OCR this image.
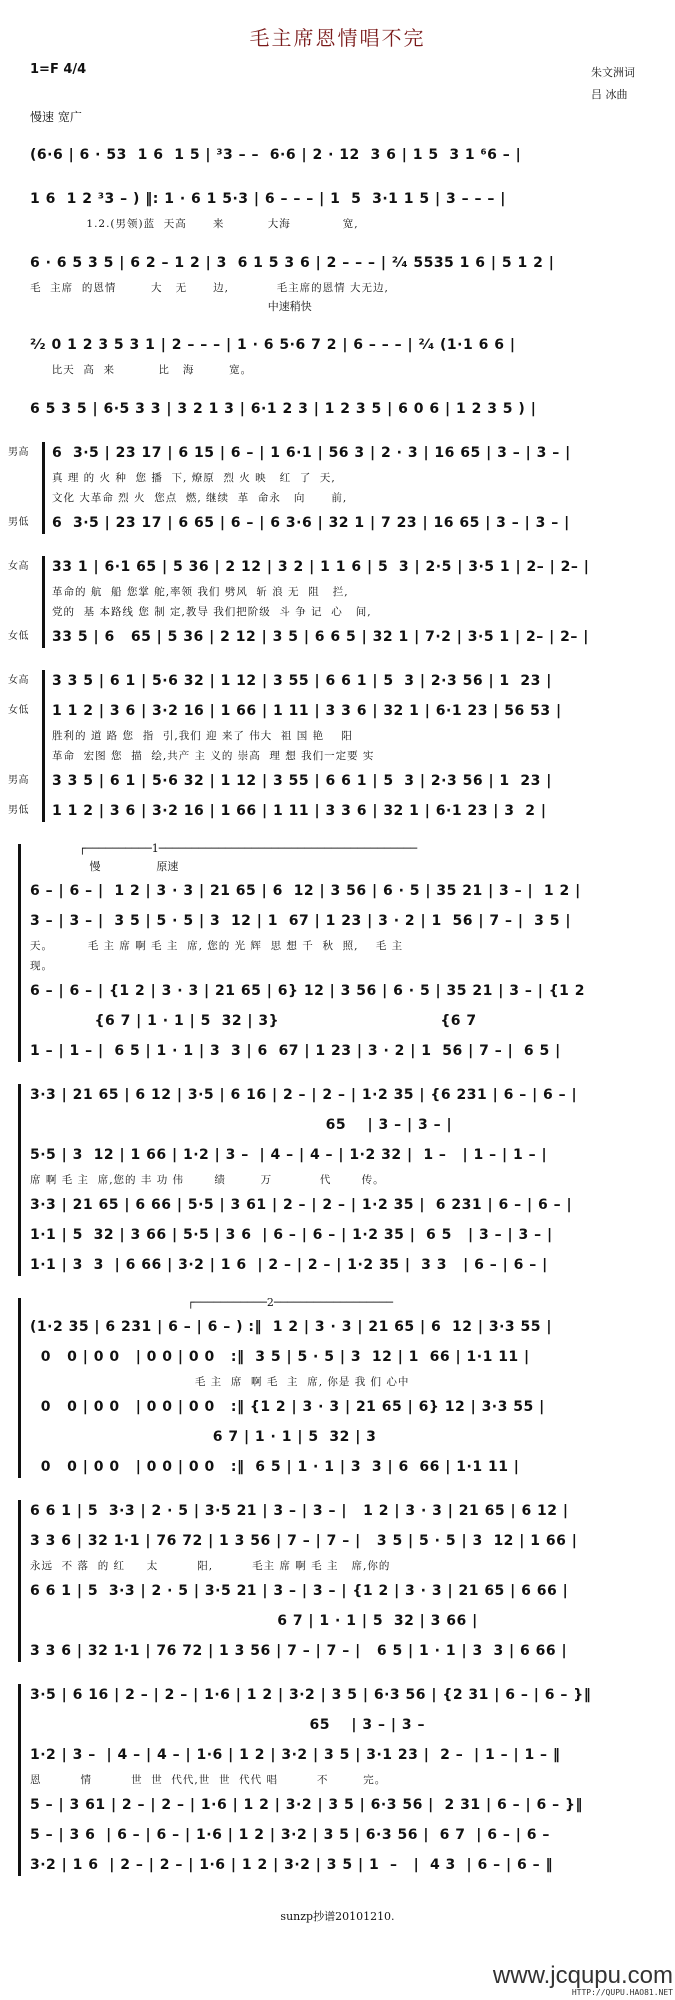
毛主席恩情唱不完
1=F 4/4	朱文洲词
吕 冰曲
慢速 宽广
(6·6 | 6 · 53  1 6  1 5 | ³3 – –  6·6 | 2 · 12  3 6 | 1 5  3 1 ⁶6 – |
1 6  1 2 ³3 – ) ‖: 1 · 6 1 5·3 | 6 – – – | 1  5  3·1 1 5 | 3 – – – |
1.2.(男领)蓝  天高      来          大海            宽,
6 · 6 5 3 5 | 6 2 – 1 2 | 3  6 1 5 3 6 | 2 – – – | ²⁄₄ 5535 1 6 | 5 1 2 |
毛  主席  的恩情        大   无      边,           毛主席的恩情 大无边,
中速稍快
²⁄₂ 0 1 2 3 5 3 1 | 2 – – – | 1 · 6 5·6 7 2 | 6 – – – | ²⁄₄ (1·1 6 6 |
比天  高  来          比   海        宽。
6 5 3 5 | 6·5 3 3 | 3 2 1 3 | 6·1 2 3 | 1 2 3 5 | 6 0 6 | 1 2 3 5 ) |
6  3·5 | 23 17 | 6 15 | 6 – | 1 6·1 | 56 3 | 2 · 3 | 16 65 | 3 – | 3 – |
男高
真 理 的 火 种  您 播  下, 燎原  烈 火 映   红  了  天,
文化 大革命 烈 火  您点  燃, 继续  革  命永   向      前,
6  3·5 | 23 17 | 6 65 | 6 – | 6 3·6 | 32 1 | 7 23 | 16 65 | 3 – | 3 – |
男低
33 1 | 6·1 65 | 5 36 | 2 12 | 3 2 | 1 1 6 | 5  3 | 2·5 | 3·5 1 | 2– | 2– |
女高
革命的 航  船 您掌 舵,率领 我们 劈风  斩 浪 无  阻   拦,
党的  基 本路线 您 制 定,教导 我们把阶级  斗 争 记  心   间,
33 5 | 6   65 | 5 36 | 2 12 | 3 5 | 6 6 5 | 32 1 | 7·2 | 3·5 1 | 2– | 2– |
女低
3 3 5 | 6 1 | 5·6 32 | 1 12 | 3 55 | 6 6 1 | 5  3 | 2·3 56 | 1  23 |
女高
1 1 2 | 3 6 | 3·2 16 | 1 66 | 1 11 | 3 3 6 | 32 1 | 6·1 23 | 56 53 |
女低
胜利的 道 路 您  指  引,我们 迎 来了 伟大  祖 国 艳    阳
革命  宏图 您  描  绘,共产 主 义的 崇高  理 想 我们一定要 实
3 3 5 | 6 1 | 5·6 32 | 1 12 | 3 55 | 6 6 1 | 5  3 | 2·3 56 | 1  23 |
男高
1 1 2 | 3 6 | 3·2 16 | 1 66 | 1 11 | 3 3 6 | 32 1 | 6·1 23 | 3  2 |
男低
┌──────────1───────────────────────────────────────
慢                原速
6 – | 6 – |  1 2 | 3 · 3 | 21 65 | 6  12 | 3 56 | 6 · 5 | 35 21 | 3 – |  1 2 |
3 – | 3 – |  3 5 | 5 · 5 | 3  12 | 1  67 | 1 23 | 3 · 2 | 1  56 | 7 – |  3 5 |
天。        毛 主 席 啊 毛 主  席, 您的 光 辉  思 想 千  秋  照,    毛 主
现。
6 – | 6 – | {1 2 | 3 · 3 | 21 65 | 6} 12 | 3 56 | 6 · 5 | 35 21 | 3 – | {1 2
{6 7 | 1 · 1 | 5  32 | 3}                              {6 7
1 – | 1 – |  6 5 | 1 · 1 | 3  3 | 6  67 | 1 23 | 3 · 2 | 1  56 | 7 – |  6 5 |
3·3 | 21 65 | 6 12 | 3·5 | 6 16 | 2 – | 2 – | 1·2 35 | {6 231 | 6 – | 6 – |
65    | 3 – | 3 – |
5·5 | 3  12 | 1 66 | 1·2 | 3 –  | 4 – | 4 – | 1·2 32 |  1 –   | 1 – | 1 – |
席 啊 毛 主  席,您的 丰 功 伟       绩        万           代       传。
3·3 | 21 65 | 6 66 | 5·5 | 3 61 | 2 – | 2 – | 1·2 35 |  6 231 | 6 – | 6 – |
1·1 | 5  32 | 3 66 | 5·5 | 3 6  | 6 – | 6 – | 1·2 35 |  6 5   | 3 – | 3 – |
1·1 | 3  3  | 6 66 | 3·2 | 1 6  | 2 – | 2 – | 1·2 35 |  3 3   | 6 – | 6 – |
┌───────────2──────────────────
(1·2 35 | 6 231 | 6 – | 6 – ) :‖  1 2 | 3 · 3 | 21 65 | 6  12 | 3·3 55 |
0   0 | 0 0   | 0 0 | 0 0   :‖  3 5 | 5 · 5 | 3  12 | 1  66 | 1·1 11 |
毛 主  席  啊 毛  主  席, 你是 我 们 心中
0   0 | 0 0   | 0 0 | 0 0   :‖ {1 2 | 3 · 3 | 21 65 | 6} 12 | 3·3 55 |
6 7 | 1 · 1 | 5  32 | 3
0   0 | 0 0   | 0 0 | 0 0   :‖  6 5 | 1 · 1 | 3  3 | 6  66 | 1·1 11 |
6 6 1 | 5  3·3 | 2 · 5 | 3·5 21 | 3 – | 3 – |   1 2 | 3 · 3 | 21 65 | 6 12 |
3 3 6 | 32 1·1 | 76 72 | 1 3 56 | 7 – | 7 – |   3 5 | 5 · 5 | 3  12 | 1 66 |
永远  不 落  的 红     太         阳,         毛主 席 啊 毛 主   席,你的
6 6 1 | 5  3·3 | 2 · 5 | 3·5 21 | 3 – | 3 – | {1 2 | 3 · 3 | 21 65 | 6 66 |
6 7 | 1 · 1 | 5  32 | 3 66 |
3 3 6 | 32 1·1 | 76 72 | 1 3 56 | 7 – | 7 – |   6 5 | 1 · 1 | 3  3 | 6 66 |
3·5 | 6 16 | 2 – | 2 – | 1·6 | 1 2 | 3·2 | 3 5 | 6·3 56 | {2 31 | 6 – | 6 – }‖
65    | 3 – | 3 –
1·2 | 3 –  | 4 – | 4 – | 1·6 | 1 2 | 3·2 | 3 5 | 3·1 23 |  2 –  | 1 – | 1 – ‖
恩         情         世  世  代代,世  世  代代 唱         不        完。
5 – | 3 61 | 2 – | 2 – | 1·6 | 1 2 | 3·2 | 3 5 | 6·3 56 |  2 31 | 6 – | 6 – }‖
5 – | 3 6  | 6 – | 6 – | 1·6 | 1 2 | 3·2 | 3 5 | 6·3 56 |  6 7  | 6 – | 6 –
3·2 | 1 6  | 2 – | 2 – | 1·6 | 1 2 | 3·2 | 3 5 | 1  –   |  4 3  | 6 – | 6 – ‖
sunzp抄谱20101210.
www.jcqupu.com
HTTP://QUPU.HAO81.NET
